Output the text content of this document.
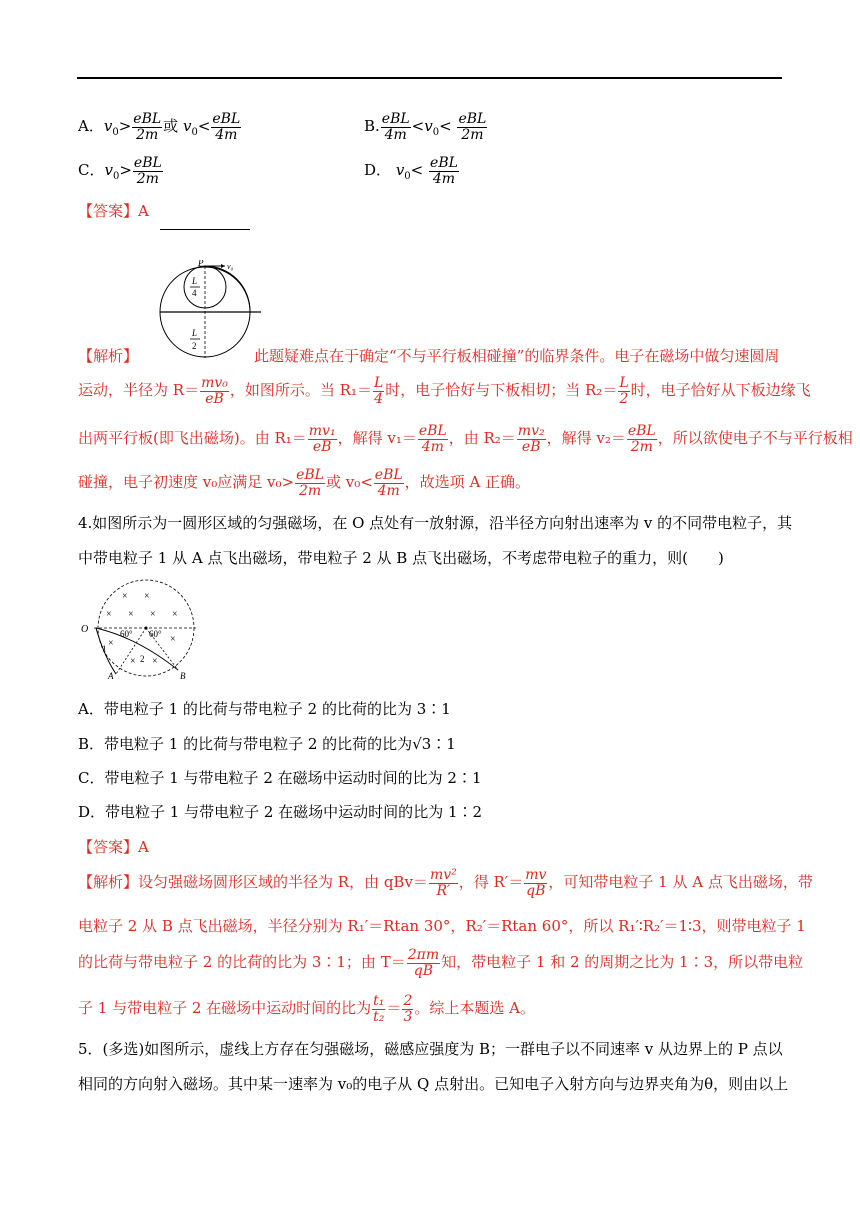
A．$v_0> \frac{\text{eBL}}{2m}$ 或 $v_0< \frac{\text{eBL}}{4m}$	B. $\frac{\text{eBL}}{4m} <v_0< \frac{\text{eBL}}{2m}$
C．$v_0> \frac{\text{eBL}}{2m}$	D． $v_0< \frac{\text{eBL}}{4m}$
【答案】A
P	v₀
L
4
L
2
【解析】	此题疑难点在于确定“不与平行板相碰撞”的临界条件。电子在磁场中做匀速圆周
运动，半径为 $R= \frac{\text{mv₀}}{eB}$ ，如图所示。当 $R_1= \frac{L}{4}$ 时，电子恰好与下板相切；当 $R_2= \frac{L}{2}$ 时，电子恰好从下板边缘飞
出两平行板(即飞出磁场)。由 $R_1= \frac{\text{mv₁}}{eB}$ ，解得 $v_1= \frac{\text{eBL}}{4m}$ ，由 $R_2= \frac{\text{mv₂}}{eB}$ ，解得 $v_2= \frac{\text{eBL}}{2m}$ ，所以欲使电子不与平行板相
碰撞，电子初速度 v₀应满足 $v_0> \frac{\text{eBL}}{2m}$ 或 $v_0< \frac{\text{eBL}}{4m}$ ，故选项 A 正确。
4.如图所示为一圆形区域的匀强磁场，在 O 点处有一放射源，沿半径方向射出速率为 v 的不同带电粒子，其
中带电粒子 1 从 A 点飞出磁场，带电粒子 2 从 B 点飞出磁场，不考虑带电粒子的重力，则(　　)
O
A	B
1
2
60° 60°
× ×
× × × ×
×
×
× ×
A．带电粒子 1 的比荷与带电粒子 2 的比荷的比为 3∶1
B．带电粒子 1 的比荷与带电粒子 2 的比荷的比为√3∶1
C．带电粒子 1 与带电粒子 2 在磁场中运动时间的比为 2∶1
D．带电粒子 1 与带电粒子 2 在磁场中运动时间的比为 1∶2
【答案】A
【解析】设匀强磁场圆形区域的半径为 R，由 $qBv= \frac{\text{mv²}}{R'}$ ，得 $R'= \frac{mv}{qB}$ ，可知带电粒子 1 从 A 点飞出磁场，带
电粒子 2 从 B 点飞出磁场，半径分别为 R₁′＝Rtan 30°，R₂′＝Rtan 60°，所以 R₁′∶R₂′＝1∶3，则带电粒子 1
的比荷与带电粒子 2 的比荷的比为 3∶1；由 $T= \frac{2\pi m}{qB}$ 知，带电粒子 1 和 2 的周期之比为 1∶3，所以带电粒
子 1 与带电粒子 2 在磁场中运动时间的比为 $\frac{\text{t₁}}{\text{t₂}} = \frac{2}{3}$ 。综上本题选 A。
5．(多选)如图所示，虚线上方存在匀强磁场，磁感应强度为 B；一群电子以不同速率 v 从边界上的 P 点以
相同的方向射入磁场。其中某一速率为 v₀的电子从 Q 点射出。已知电子入射方向与边界夹角为θ，则由以上
